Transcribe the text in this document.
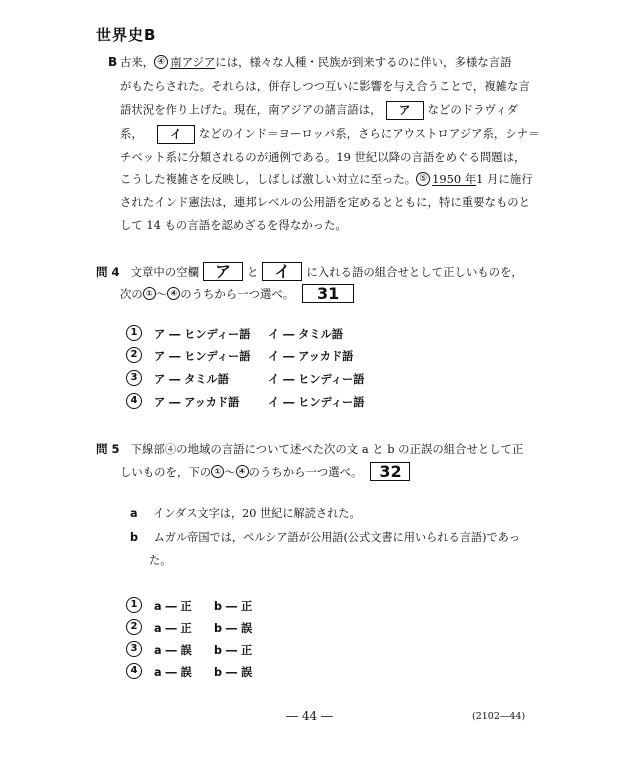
世界史B
B 古来， ④ 南アジアには，様々な人種・民族が到来するのに伴い，多様な言語
がもたらされた。それらは，併存しつつ互いに影響を与え合うことで，複雑な言
語状況を作り上げた。現在，南アジアの諸言語は， ア などのドラヴィダ
系， イ などのインド＝ヨーロッパ系，さらにアウストロアジア系，シナ＝
チベット系に分類されるのが通例である。19 世紀以降の言語をめぐる問題は，
こうした複雑さを反映し，しばしば激しい対立に至った。 ⑤ 1950 年1 月に施行
されたインド憲法は，連邦レベルの公用語を定めるとともに，特に重要なものと
して 14 もの言語を認めざるを得なかった。
問 4 文章中の空欄 ア と イ に入れる語の組合せとして正しいものを，
次の ① ～ ④ のうちから一つ選べ。 31
1 ア ― ヒンディー語 イ ― タミル語
2 ア ― ヒンディー語 イ ― アッカド語
3 ア ― タミル語	イ ― ヒンディー語
4 ア ― アッカド語	イ ― ヒンディー語
問 5 下線部④の地域の言語について述べた次の文 a と b の正誤の組合せとして正
しいものを，下の ① ～ ④ のうちから一つ選べ。 32
a インダス文字は，20 世紀に解読された。
b ムガル帝国では，ペルシア語が公用語(公式文書に用いられる言語)であっ
た。
1 a ― 正 b ― 正
2 a ― 正 b ― 誤
3 a ― 誤 b ― 正
4 a ― 誤 b ― 誤
― 44 ―	(2102―44)
